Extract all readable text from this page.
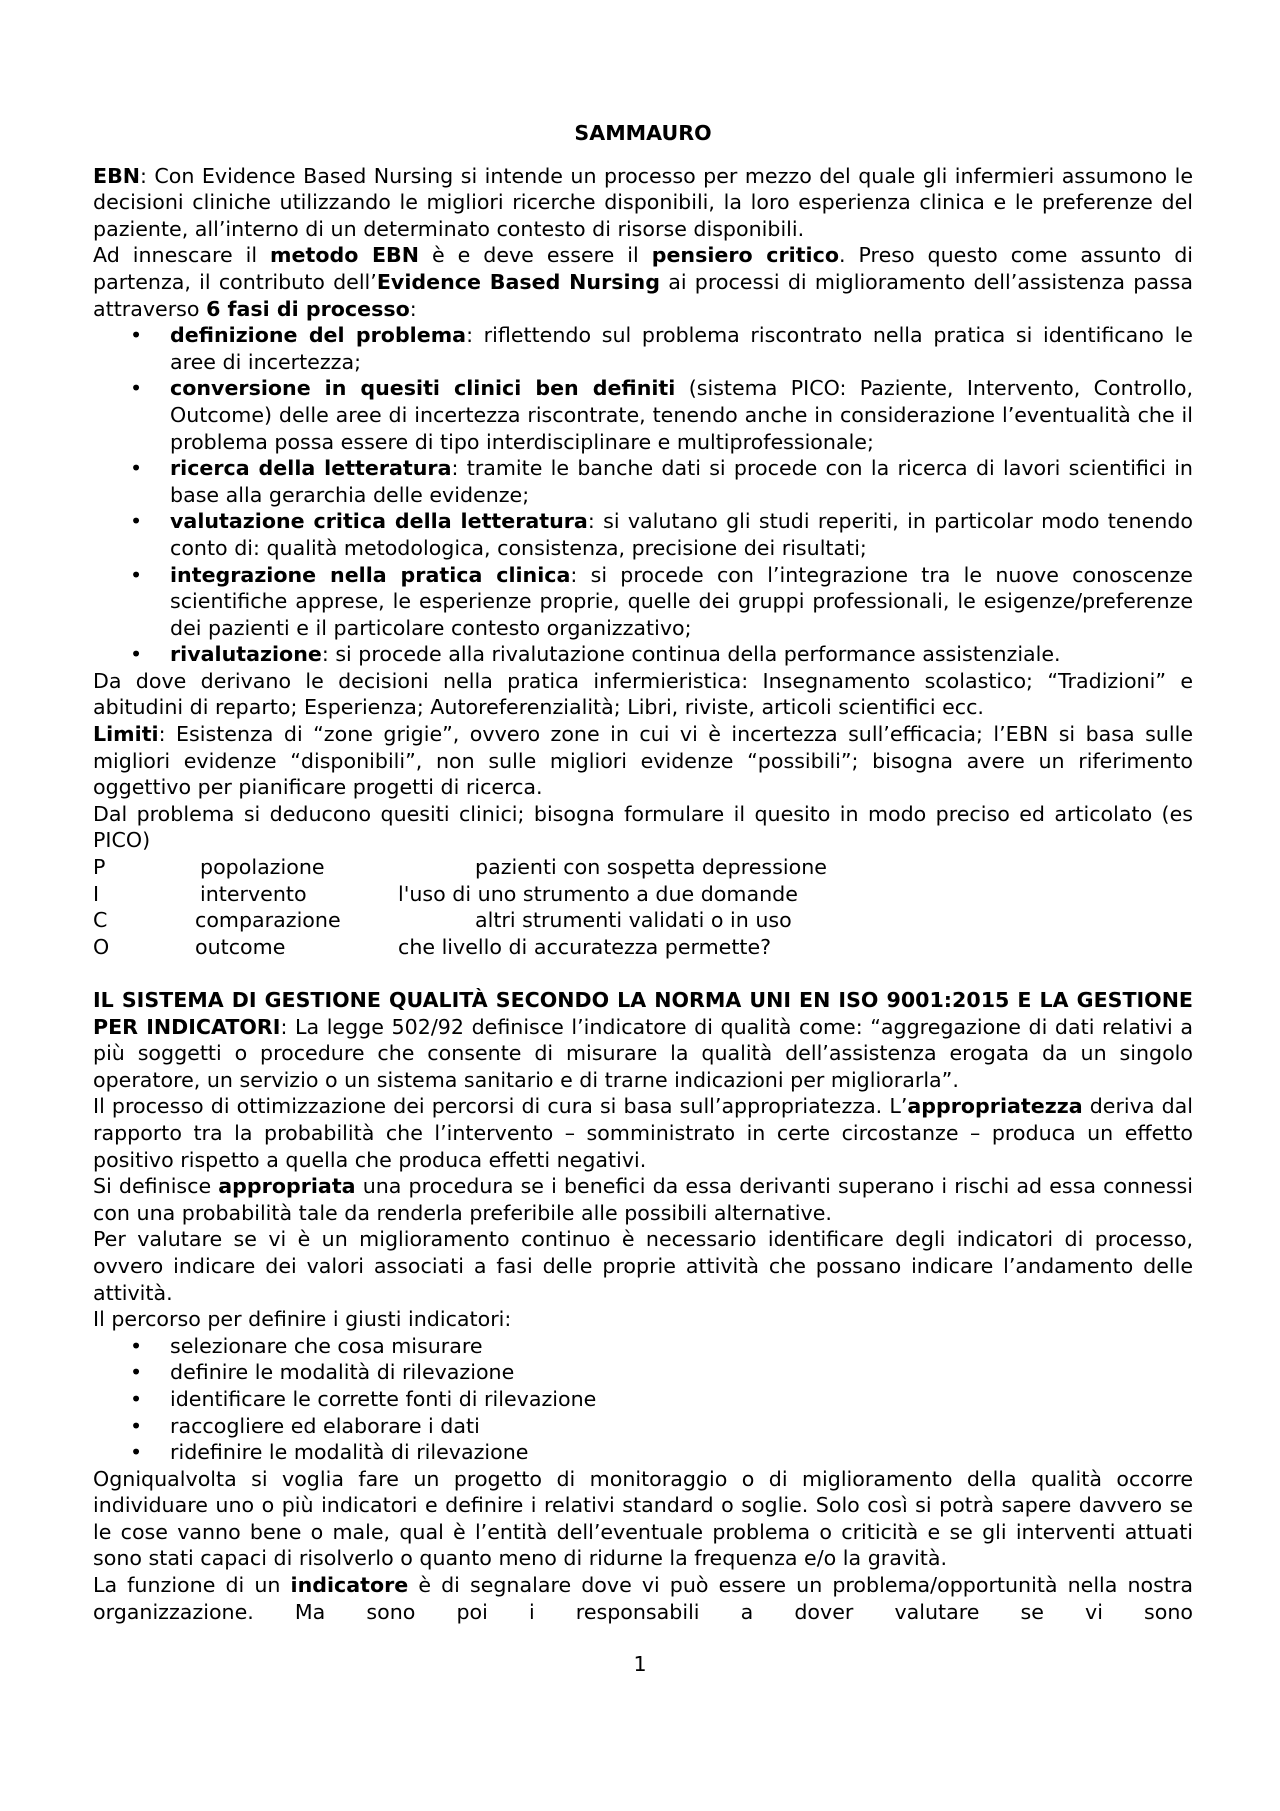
SAMMAURO

EBN: Con Evidence Based Nursing si intende un processo per mezzo del quale gli infermieri assumono le decisioni cliniche utilizzando le migliori ricerche disponibili, la loro esperienza clinica e le preferenze del paziente, all’interno di un determinato contesto di risorse disponibili.

Ad innescare il metodo EBN è e deve essere il pensiero critico. Preso questo come assunto di partenza, il contributo dell’Evidence Based Nursing ai processi di miglioramento dell’assistenza passa attraverso 6 fasi di processo:

• definizione del problema: riflettendo sul problema riscontrato nella pratica si identificano le aree di incertezza;
• conversione in quesiti clinici ben definiti (sistema PICO: Paziente, Intervento, Controllo, Outcome) delle aree di incertezza riscontrate, tenendo anche in considerazione l’eventualità che il problema possa essere di tipo interdisciplinare e multiprofessionale;
• ricerca della letteratura: tramite le banche dati si procede con la ricerca di lavori scientifici in base alla gerarchia delle evidenze;
• valutazione critica della letteratura: si valutano gli studi reperiti, in particolar modo tenendo conto di: qualità metodologica, consistenza, precisione dei risultati;
• integrazione nella pratica clinica: si procede con l’integrazione tra le nuove conoscenze scientifiche apprese, le esperienze proprie, quelle dei gruppi professionali, le esigenze/preferenze dei pazienti e il particolare contesto organizzativo;
• rivalutazione: si procede alla rivalutazione continua della performance assistenziale.

Da dove derivano le decisioni nella pratica infermieristica: Insegnamento scolastico; “Tradizioni” e abitudini di reparto; Esperienza; Autoreferenzialità; Libri, riviste, articoli scientifici ecc.

Limiti: Esistenza di “zone grigie”, ovvero zone in cui vi è incertezza sull’efficacia; l’EBN si basa sulle migliori evidenze “disponibili”, non sulle migliori evidenze “possibili”; bisogna avere un riferimento oggettivo per pianificare progetti di ricerca.

Dal problema si deducono quesiti clinici; bisogna formulare il quesito in modo preciso ed articolato (es PICO)

P	popolazione	pazienti con sospetta depressione
I	intervento	l'uso di uno strumento a due domande
C	comparazione	altri strumenti validati o in uso
O	outcome	che livello di accuratezza permette?

IL SISTEMA DI GESTIONE QUALITÀ SECONDO LA NORMA UNI EN ISO 9001:2015 E LA GESTIONE PER INDICATORI: La legge 502/92 definisce l’indicatore di qualità come: “aggregazione di dati relativi a più soggetti o procedure che consente di misurare la qualità dell’assistenza erogata da un singolo operatore, un servizio o un sistema sanitario e di trarne indicazioni per migliorarla”.

Il processo di ottimizzazione dei percorsi di cura si basa sull’appropriatezza. L’appropriatezza deriva dal rapporto tra la probabilità che l’intervento – somministrato in certe circostanze – produca un effetto positivo rispetto a quella che produca effetti negativi.

Si definisce appropriata una procedura se i benefici da essa derivanti superano i rischi ad essa connessi con una probabilità tale da renderla preferibile alle possibili alternative.

Per valutare se vi è un miglioramento continuo è necessario identificare degli indicatori di processo, ovvero indicare dei valori associati a fasi delle proprie attività che possano indicare l’andamento delle attività.

Il percorso per definire i giusti indicatori:

• selezionare che cosa misurare
• definire le modalità di rilevazione
• identificare le corrette fonti di rilevazione
• raccogliere ed elaborare i dati
• ridefinire le modalità di rilevazione

Ogniqualvolta si voglia fare un progetto di monitoraggio o di miglioramento della qualità occorre individuare uno o più indicatori e definire i relativi standard o soglie. Solo così si potrà sapere davvero se le cose vanno bene o male, qual è l’entità dell’eventuale problema o criticità e se gli interventi attuati sono stati capaci di risolverlo o quanto meno di ridurne la frequenza e/o la gravità.

La funzione di un indicatore è di segnalare dove vi può essere un problema/opportunità nella nostra organizzazione. Ma sono poi i responsabili a dover valutare se vi sono

1
